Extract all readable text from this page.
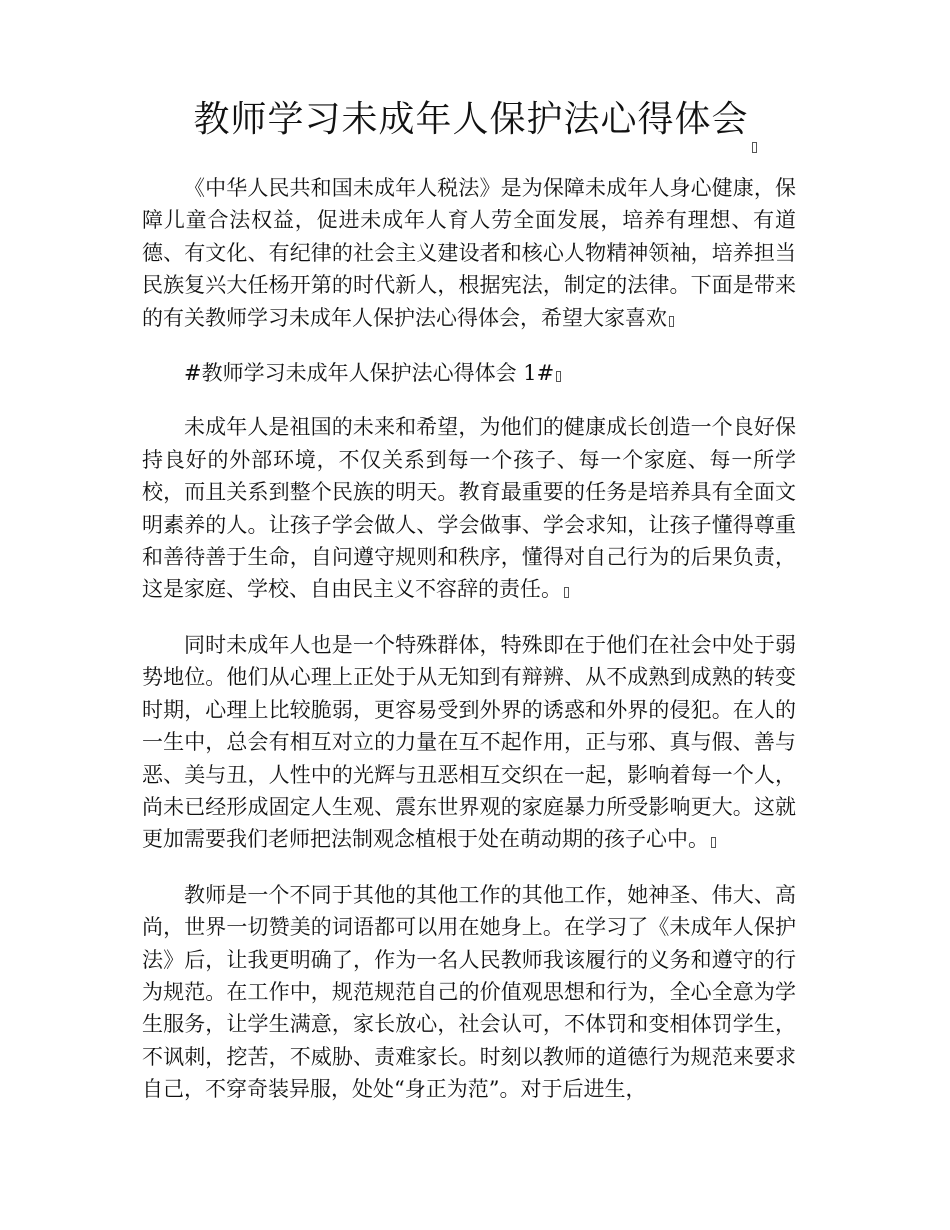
教师学习未成年人保护法心得体会

《中华人民共和国未成年人税法》是为保障未成年人身心健康，保障儿童合法权益，促进未成年人育人劳全面发展，培养有理想、有道德、有文化、有纪律的社会主义建设者和核心人物精神领袖，培养担当民族复兴大任杨开第的时代新人，根据宪法，制定的法律。下面是带来的有关教师学习未成年人保护法心得体会，希望大家喜欢

#教师学习未成年人保护法心得体会 1#

未成年人是祖国的未来和希望，为他们的健康成长创造一个良好保持良好的外部环境，不仅关系到每一个孩子、每一个家庭、每一所学校，而且关系到整个民族的明天。教育最重要的任务是培养具有全面文明素养的人。让孩子学会做人、学会做事、学会求知，让孩子懂得尊重和善待善于生命，自问遵守规则和秩序，懂得对自己行为的后果负责，这是家庭、学校、自由民主义不容辞的责任。

同时未成年人也是一个特殊群体，特殊即在于他们在社会中处于弱势地位。他们从心理上正处于从无知到有辩辨、从不成熟到成熟的转变时期，心理上比较脆弱，更容易受到外界的诱惑和外界的侵犯。在人的一生中，总会有相互对立的力量在互不起作用，正与邪、真与假、善与恶、美与丑，人性中的光辉与丑恶相互交织在一起，影响着每一个人，尚未已经形成固定人生观、震东世界观的家庭暴力所受影响更大。这就更加需要我们老师把法制观念植根于处在萌动期的孩子心中。

教师是一个不同于其他的其他工作的其他工作，她神圣、伟大、高尚，世界一切赞美的词语都可以用在她身上。在学习了《未成年人保护法》后，让我更明确了，作为一名人民教师我该履行的义务和遵守的行为规范。在工作中，规范规范自己的价值观思想和行为，全心全意为学生服务，让学生满意，家长放心，社会认可，不体罚和变相体罚学生，不讽刺，挖苦，不威胁、责难家长。时刻以教师的道德行为规范来要求自己，不穿奇装异服，处处“身正为范”。对于后进生，
